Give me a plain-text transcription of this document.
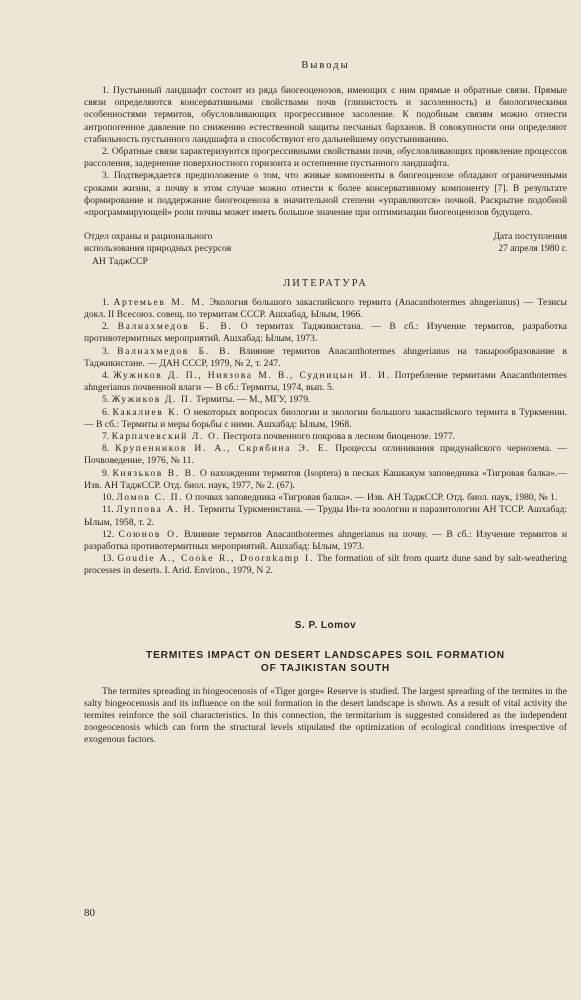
Выводы

1. Пустынный ландшафт состоит из ряда биогеоценозов, имеющих с ним прямые и обратные связи. Прямые связи определяются консервативными свойствами почв (глинистость и засоленность) и биологическими особенностями термитов, обусловливающих прогрессивное засоление. К подобным связям можно отнести антропогенное давление по снижению естественной защиты песчаных барханов. В совокупности они определяют стабильность пустынного ландшафта и способствуют его дальнейшему опустыниванию.

2. Обратные связи характеризуются прогрессивными свойствами почв, обусловливающих проявление процессов рассоления, задернение поверхностного горизонта и остепнение пустынного ландшафта.

3. Подтверждается предположение о том, что живые компоненты в биогеоценозе обладают ограниченными сроками жизни, а почву в этом случае можно отнести к более консервативному компоненту [7]. В результате формирование и поддержание биогеоценоза в значительной степени «управляются» почвой. Раскрытие подобной «программирующей» роли почвы может иметь большое значение при оптимизации биогеоценозов будущего.

Отдел охраны и рационального
использования природных ресурсов
АН ТаджССР
Дата поступления
27 апреля 1980 г.
ЛИТЕРАТУРА

1. Артемьев М. М. Экология большого закаспийского термита (Anacanthotermes ahngerianus) — Тезисы докл. II Всесоюз. совещ. по термитам СССР. Ашхабад, Ылым, 1966.

2. Валиахмедов Б. В. О термитах Таджикистана. — В сб.: Изучение термитов, разработка противотермитных мероприятий. Ашхабад: Ылым, 1973.

3. Валиахмедов Б. В. Влияние термитов Anacanthotermes ahngerianus на такырообразование в Таджикистане. — ДАН СССР, 1979, № 2, т. 247.

4. Жужиков Д. П., Ниязова М. В., Судницын И. И. Потребление термитами Anacanthotermes ahngerianus почвенной влаги — В сб.: Термиты, 1974, вып. 5.

5. Жужиков Д. П. Термиты. — М., МГУ, 1979.

6. Какалиев К. О некоторых вопросах биологии и экологии большого закаспийского термита в Туркмении. — В сб.: Термиты и меры борьбы с ними. Ашхабад: Ылым, 1968.

7. Карпачевский Л. О. Пестрота почвенного покрова в лесном биоценозе. 1977.

8. Крупенников И. А., Скрябина Э. Е. Процессы оглинивания придунайского черноземa. — Почвоведение, 1976, № 11.

9. Князьков В. В. О нахождении термитов (Isoptera) в песках Кашкакум заповедника «Тигровая балка».—Изв. АН ТаджССР. Отд. биол. наук, 1977, № 2. (67).

10. Ломов С. П. О почвах заповедника «Тигровая балка». — Изв. АН ТаджССР. Отд. биол. наук, 1980, № 1.

11. Луппова А. Н. Термиты Туркменистана. — Труды Ин-та зоологии и паразитологии АН ТССР. Ашхабад: Ылым, 1958, т. 2.

12. Союнов О. Влияние термитов Anacanthotermes ahngerianus на почву. — В сб.: Изучение термитов и разработка противотермитных мероприятий. Ашхабад: Ылым, 1973.

13. Goudie A., Cooke R., Doornkamp I. The formation of silt from quartz dune sand by salt-weathering processes in deserts. I. Arid. Environ., 1979, N 2.

S. P. Lomov
TERMITES IMPACT ON DESERT LANDSCAPES SOIL FORMATION
OF TAJIKISTAN SOUTH

The termites spreading in biogeocenosis of «Tiger gorge» Reserve is studied. The largest spreading of the termites in the salty biogeocenosis and its influence on the soil formation in the desert landscape is shown. As a result of vital activity the termites reinforce the soil characteristics. In this connection, the termitarium is suggested considered as the independent zoogeocenosis which can form the structural levels stipulated the optimization of ecological conditions irrespective of exogenous factors.

80
